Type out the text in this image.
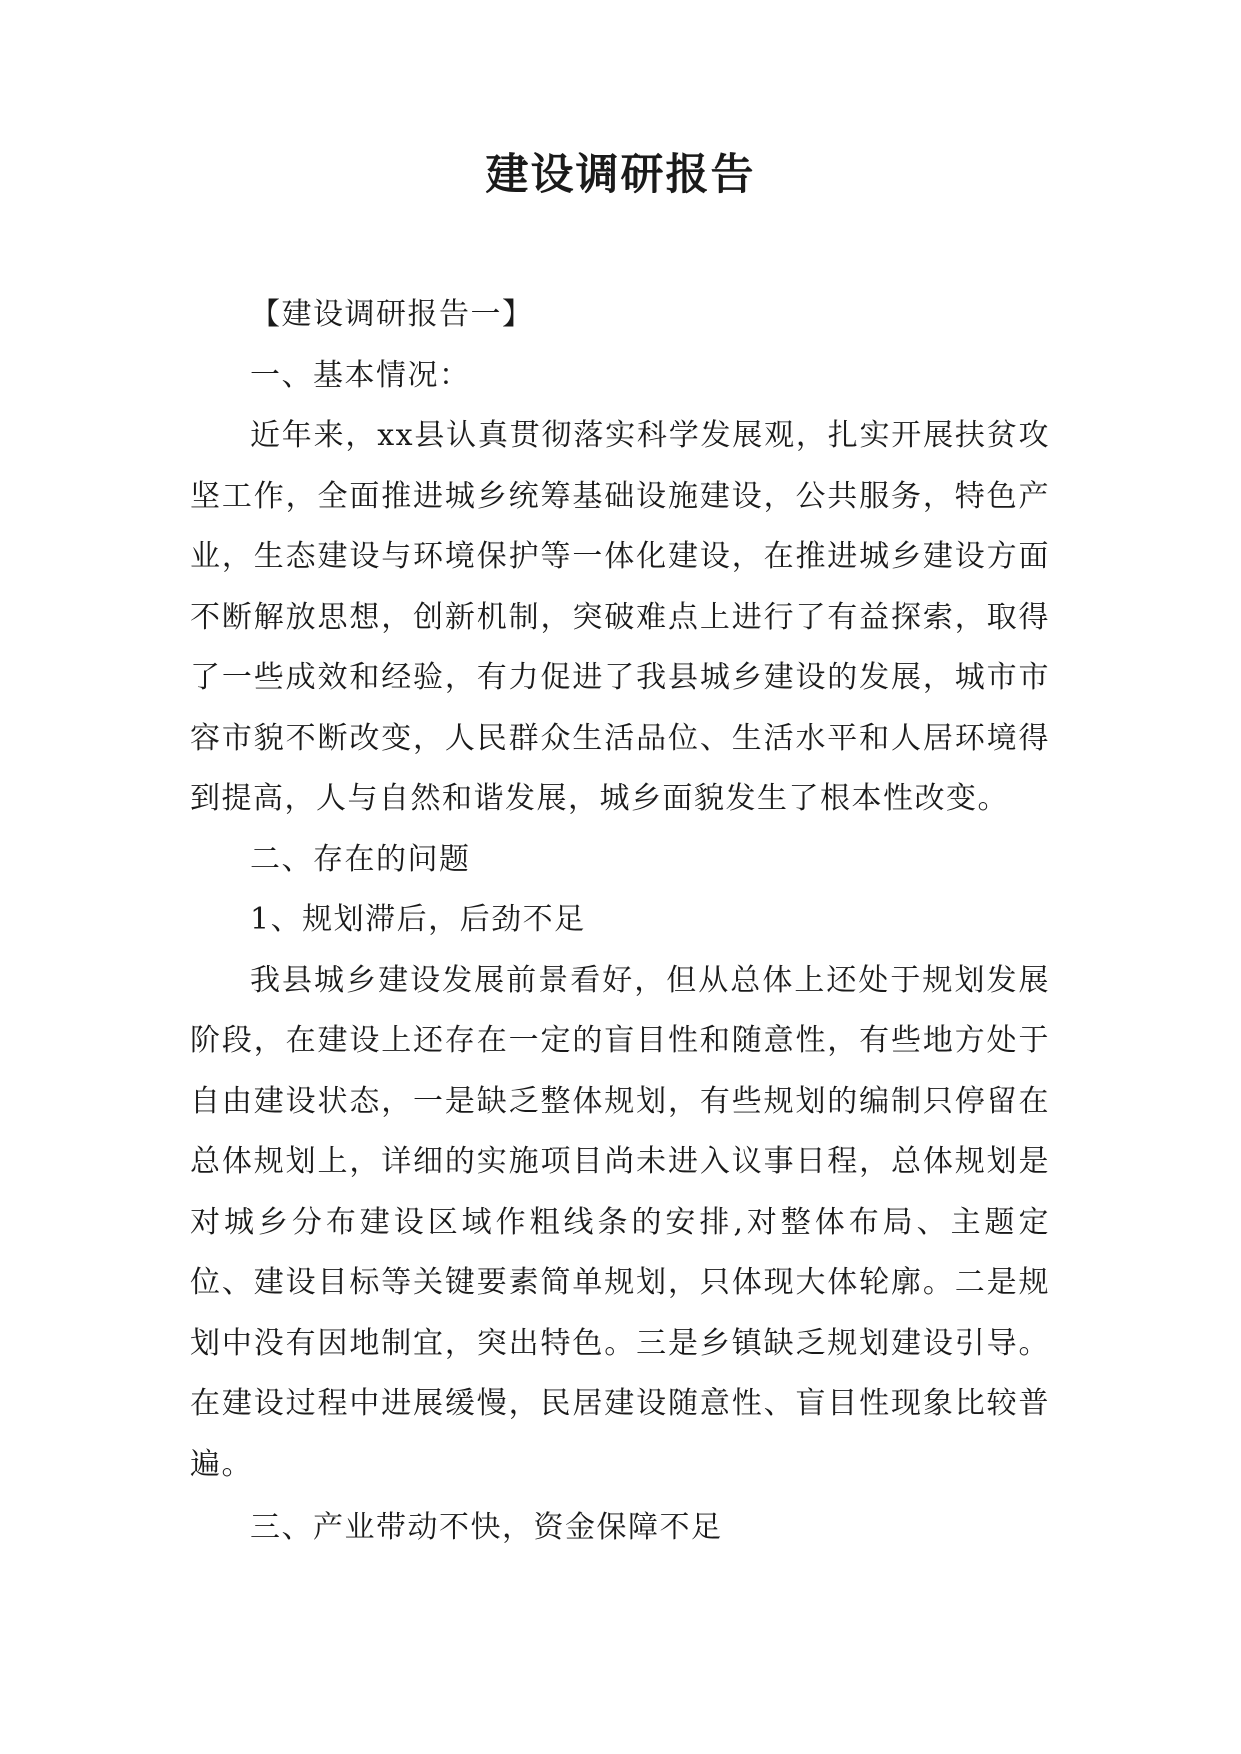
建设调研报告

【建设调研报告一】

一、基本情况：

近年来，xx县认真贯彻落实科学发展观，扎实开展扶贫攻坚工作，全面推进城乡统筹基础设施建设，公共服务，特色产业，生态建设与环境保护等一体化建设，在推进城乡建设方面不断解放思想，创新机制，突破难点上进行了有益探索，取得了一些成效和经验，有力促进了我县城乡建设的发展，城市市容市貌不断改变，人民群众生活品位、生活水平和人居环境得到提高，人与自然和谐发展，城乡面貌发生了根本性改变。

二、存在的问题

1、规划滞后，后劲不足

我县城乡建设发展前景看好，但从总体上还处于规划发展阶段，在建设上还存在一定的盲目性和随意性，有些地方处于自由建设状态，一是缺乏整体规划，有些规划的编制只停留在总体规划上，详细的实施项目尚未进入议事日程，总体规划是对城乡分布建设区域作粗线条的安排,对整体布局、主题定位、建设目标等关键要素简单规划，只体现大体轮廓。二是规划中没有因地制宜，突出特色。三是乡镇缺乏规划建设引导。在建设过程中进展缓慢，民居建设随意性、盲目性现象比较普遍。

三、产业带动不快，资金保障不足
